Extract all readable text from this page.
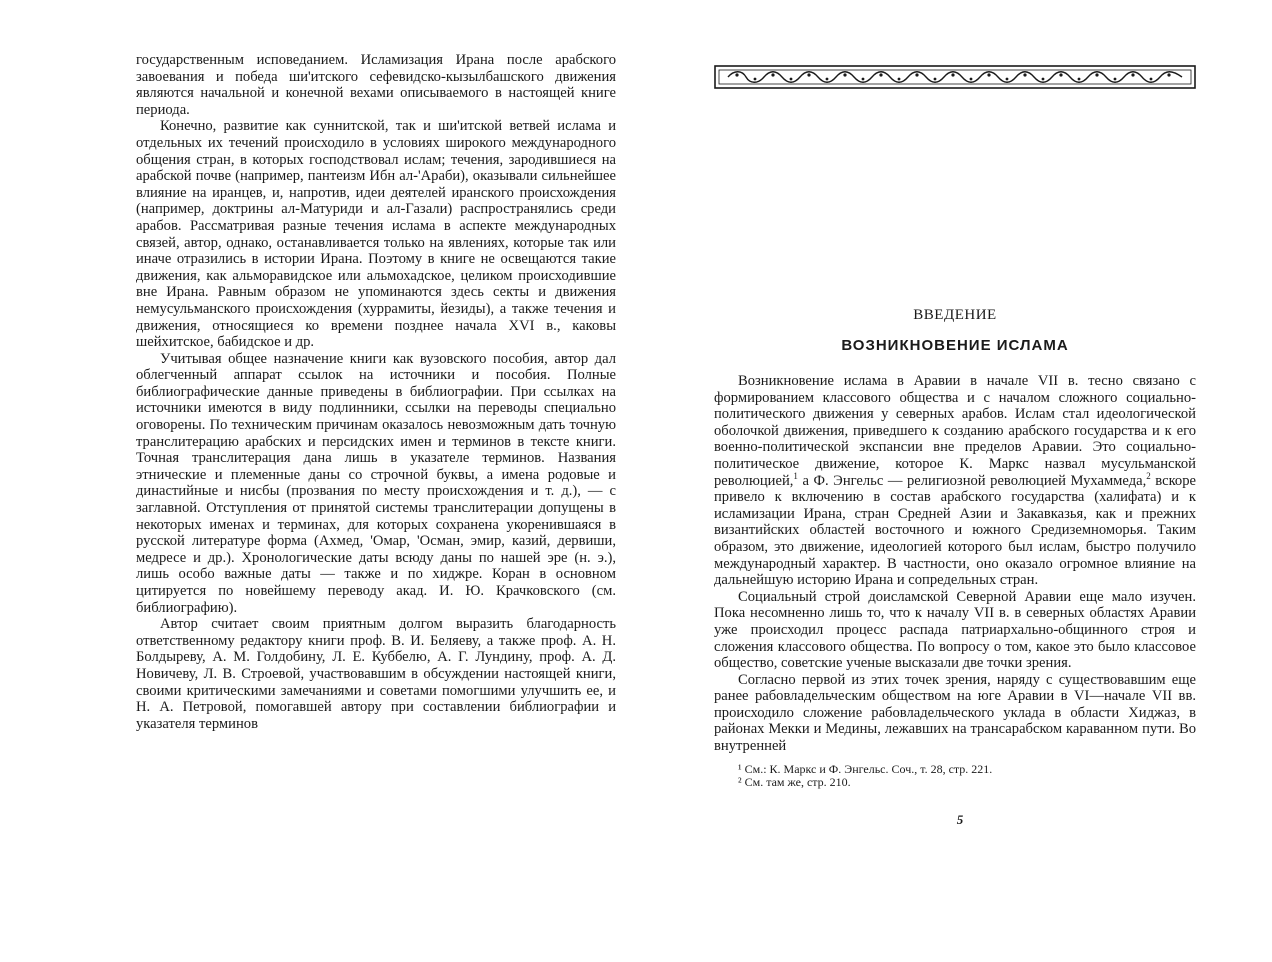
государственным исповеданием. Исламизация Ирана после арабского завоевания и победа ши'итского сефевидско-кызылбашского движения являются начальной и конечной вехами описываемого в настоящей книге периода.

Конечно, развитие как суннитской, так и ши'итской ветвей ислама и отдельных их течений происходило в условиях широкого международного общения стран, в которых господствовал ислам; течения, зародившиеся на арабской почве (например, пантеизм Ибн ал-'Араби), оказывали сильнейшее влияние на иранцев, и, напротив, идеи деятелей иранского происхождения (например, доктрины ал-Матуриди и ал-Газали) распространялись среди арабов. Рассматривая разные течения ислама в аспекте международных связей, автор, однако, останавливается только на явлениях, которые так или иначе отразились в истории Ирана. Поэтому в книге не освещаются такие движения, как альморавидское или альмохадское, целиком происходившие вне Ирана. Равным образом не упоминаются здесь секты и движения немусульманского происхождения (хуррамиты, йезиды), а также течения и движения, относящиеся ко времени позднее начала XVI в., каковы шейхитское, бабидское и др.

Учитывая общее назначение книги как вузовского пособия, автор дал облегченный аппарат ссылок на источники и пособия. Полные библиографические данные приведены в библиографии. При ссылках на источники имеются в виду подлинники, ссылки на переводы специально оговорены. По техническим причинам оказалось невозможным дать точную транслитерацию арабских и персидских имен и терминов в тексте книги. Точная транслитерация дана лишь в указателе терминов. Названия этнические и племенные даны со строчной буквы, а имена родовые и династийные и нисбы (прозвания по месту происхождения и т. д.), — с заглавной. Отступления от принятой системы транслитерации допущены в некоторых именах и терминах, для которых сохранена укоренившаяся в русской литературе форма (Ахмед, 'Омар, 'Осман, эмир, казий, дервиши, медресе и др.). Хронологические даты всюду даны по нашей эре (н. э.), лишь особо важные даты — также и по хиджре. Коран в основном цитируется по новейшему переводу акад. И. Ю. Крачковского (см. библиографию).

Автор считает своим приятным долгом выразить благодарность ответственному редактору книги проф. В. И. Беляеву, а также проф. А. Н. Болдыреву, А. М. Голдобину, Л. Е. Куббелю, А. Г. Лундину, проф. А. Д. Новичеву, Л. В. Строевой, участвовавшим в обсуждении настоящей книги, своими критическими замечаниями и советами помогшими улучшить ее, и Н. А. Петровой, помогавшей автору при составлении библиографии и указателя терминов

ВВЕДЕНИЕ
ВОЗНИКНОВЕНИЕ ИСЛАМА

Возникновение ислама в Аравии в начале VII в. тесно связано с формированием классового общества и с началом сложного социально-политического движения у северных арабов. Ислам стал идеологической оболочкой движения, приведшего к созданию арабского государства и к его военно-политической экспансии вне пределов Аравии. Это социально-политическое движение, которое К. Маркс назвал мусульманской революцией,$^1$ а Ф. Энгельс — религиозной революцией Мухаммеда,$^2$ вскоре привело к включению в состав арабского государства (халифата) и к исламизации Ирана, стран Средней Азии и Закавказья, как и прежних византийских областей восточного и южного Средиземноморья. Таким образом, это движение, идеологией которого был ислам, быстро получило международный характер. В частности, оно оказало огромное влияние на дальнейшую историю Ирана и сопредельных стран.

Социальный строй доисламской Северной Аравии еще мало изучен. Пока несомненно лишь то, что к началу VII в. в северных областях Аравии уже происходил процесс распада патриархально-общинного строя и сложения классового общества. По вопросу о том, какое это было классовое общество, советские ученые высказали две точки зрения.

Согласно первой из этих точек зрения, наряду с существовавшим еще ранее рабовладельческим обществом на юге Аравии в VI—начале VII вв. происходило сложение рабовладельческого уклада в области Хиджаз, в районах Мекки и Медины, лежавших на трансарабском караванном пути. Во внутренней

¹ См.: К. Маркс и Ф. Энгельс. Соч., т. 28, стр. 221.

² См. там же, стр. 210.

5
